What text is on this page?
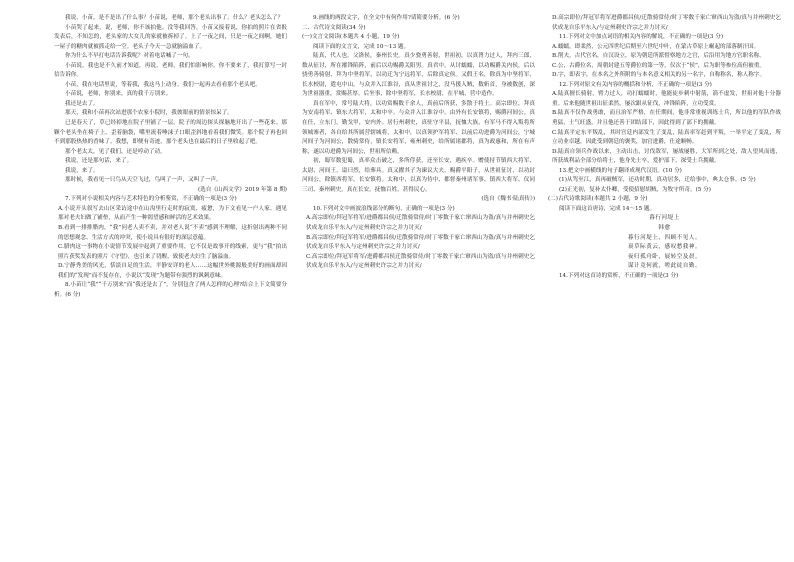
我说，小苗，是不是出了什么事？小苗说，老师，那个老头出事了。什么？老头怎么了？

小苗哭了起来，说，老师，你不该拍他。没等我回答，小苗又接着说，你拍的照片在省报发表后，不知怎的，老头家的大女儿的家就被拆掉了。上了一夜之间，只是一夜之间啊，她们一屋子的糖肉就被抓走给一空。老头子今天一急就脑溢血了。

你为什么不早打电话告诉我呢？对着电话喊了一句。

小苗说，我也是不久前才知道，再说，老师，我们怕影响你。你不要来了，我打算写一封信告诉你。

小苗，我在电话里说，等着我，我这马上动身。我们一起再去看看那个老头吧。

小苗说，老师，你别来，真的我千万别来。

我还是去了。

那天，我和小苗再次站进那个农家小院时，我彼眼前的情景惊呆了。

已是春天了，草已经掉地在院子里铺了一层。院子的周边探头探脑地开出了一些花来。那颗个老头坐在椅子上，歪着脑袋，嘴里流着唾沫子口眼歪斜地看着我们微笑。那个院子再也回不到那股热热的香味了。我想，即便有奇迹，那个老头也在最后的日子里收起了吧。

那个老太太，见了我们，还是哼动了动。

我说，还是那句话，来了。

我说，来了。

那时候，我看见一只鸟从天空飞过，鸟叫了一声，又叫了一声。

(选自《山西文学》2019 年第 8 期)

7.下列对小说相关内容与艺术特色的分析鉴赏，不正确的一项是(3 分)

A.小说开头叙写去山区采访途中在山沟里行走时的寂寞、疲惫，为下文看见一户人家、遇见那对老夫妇做了铺垫，从而产生一种渴望感和鲜活的艺术效果。

B.看到一排排腊肉，“我”问老人卖不卖，并对老人说“不卖”感到不理解，这折射出两种不同的思想观念、生活方式的冲突，使小说具有很好的深层意蕴。

C.腊肉这一事物在小说情节发展中起到了重要作用，它不仅是故事开的线索，更与“我”拍出照片获奖发表的照片《守望》，也引来了切醒，致使老夫妇生了脑溢血。

D.宁静秀美的风光，恬淡自足的生活，平静安详的老人……这幅世外桃源般美好的画面却因我们的“发现”而不复存在，小说以“发现”为题带有强烈的讽刺意味。

8.小苗让“我”“千万别来”而“我还是去了”，分别包含了两人怎样的心理?结合上下文简要分析。(6 分)

9.画线的两段文字，在全文中有何作用?请简要分析。(6 分)

二、古代诗文阅读(34 分)

(一)文言文阅读(本题共 4 小题，19 分)

阅读下面的文言文，完成 10～13 题。

陆真，代人也。父洛侯，秦州长史。真少骁勇善射，世祖初，以真膂力过人，拜内三郎，数从征讨，所在摧锋陷阵，前后以功赐爵关阳男。真君中，从讨蠕蠕，以功赐爵关内侯，后以骁勇善骑射，拜为中坚将军，以功迁为宁远将军，后除真定侯。又假王名，除真为中坚将军、长水校尉，遣屯中山，与众并入江淮谷，真从世祖讨之，没马援入贼，数斩首，身被数创，深为世祖器重，赏赐甚厚。后坐事，除中坚将军，长水校尉，在平城，营中造作。

真在军中，常号陆大将，以功赏赐数千余人，真前后所获，多散于将士。高宗即位，拜真为安南将军、镇东大将军，太和中卒。与众并入江淮谷中。由外有长安镇将，赐爵河间公。真在任，立东门，勤戈甲，安内外。居行州刺史，真驻守平县，抚恤大族，有军马不得入叛将所领城寨者，各自给其所属营辖城将，太和中，以真领护军将军、以前后功进爵为河间公，宁城河间子为河间公，散骑常侍，镇长安将军，雍州刺史，给所属诸郡将，真为政惠和，所在有声称，遂以功进爵为河间公，世祖所信赖。

初，蜀军数犯蜀，真率众击破之，多所俘获，还至长安，遇疾卒。赠使持节镇西大将军、太尉、河间王，谥曰烈，给葬具。真又擢其子为谏议大夫，赐爵平阳子，从世祖征讨，以功封河间公，除镇西将军，长安镇将。太和中，以真为侍中、都督秦州诸军事、镇西大将军、仪同三司、秦州刺史。真在长安，抚恤百姓，甚得民心。

(选自《魏书·陆真传》)

10.下列对文中画波浪线部分的断句，正确的一项是(3 分)

A.高宗即位/拜冠军将军/进爵都昌侯/迁散骑常侍/时丁零数千家亡窜西山为盗/真与并州刺史乞伏成龙自乐平东入/与定州刺史许宗之并力讨灭/

B.高宗即位/拜冠军将军/进爵都昌侯/迁散骑常侍/时丁零数千家亡窜西山为盗/真与并州刺史乞伏成龙自乐平东入与定州刺史许宗之并力讨灭/

C.高宗即位/拜冠军将军/进爵都昌侯迁散骑常侍/时丁零数千家亡窜西山为盗/真与并州刺史乞伏成龙自乐平东入/与定州刺史许宗之并力讨灭/

D.高宗即位/拜冠军将军进爵都昌侯/迁散骑常侍/时丁零数千家亡窜西山为盗/真与并州刺史乞伏成龙自乐平东入/与定州刺史许宗之并力讨灭/

11.下列对文中加点词语的相关内容的解说，不正确的一项是(3 分)

A.蠕蠕，即柔然，公元四世纪后期至六世纪中叶，在蒙古草原上崛起的部落制汗国。

B.削夫，古代官名，自汉设立，原为朝廷所派督察地方之官，后沿用为地方官职名称。

C.公，古爵位名，周朝封建五等爵位的第一等，仅次于“侯”，后为职等参位高但被重。

D.字，即表字，在本名之外所附的与本名意义相关的另一名字，自称称名，称人称字。

12.下列对原文有关内容的概括和分析，不正确的一项是(3 分)

A.陆真擅长骑射，臂力过人，功打蠕蠕时，他能徒步刺中射箭，箭不虚发，世祖对他十分器重。后来他随世祖出征柔然，屡次跟从征伐，冲锋陷阵，立功受赏。

B.陆真不仅作战勇敢，而且治军严格，在任期间，他非常重视训练士兵，所以他的军队作战勇猛，士气旺盛，并且他还善于团结部下，因此得到了部下的拥戴。

C.陆真平定东平叛乱，其时宫廷内部发生了变乱，陆真率军赶到平叛，一举平定了变乱，所立功业卓越，因此受到朝廷的褒奖，加官进爵，仕途顺畅。

D.陆真自领兵作战以来，主动出击，讨伐敌军，屡战屡胜，大军所到之处，敌人望风而逃，所获战利品全部分给将士，他身先士卒，爱护部下，深受士兵拥戴。

13.把文中画横线的句子翻译成现代汉语。(10 分)

(1)从驾至江，真再破贼军，还功时期，真功居多，迁给事中，典太仓事。(5 分)

(2)正光初，复补太仆卿，受使招慰胡贼，为牧守所奇。(5 分)

(二)古代诗歌阅读(本题共 2 小题，9 分)

阅读下面这首唐诗，完成 14～15 题。

暮行河堤上

韩愈

暮行河堤上，四顾不见人。

衰草际黄云，感叹愁我神。

夜归孤舟卧，展转空及晨。

谋计竟何就，嗟此徒自勤。

14.下列对这首诗的赏析，不正确的一项是(3 分)
